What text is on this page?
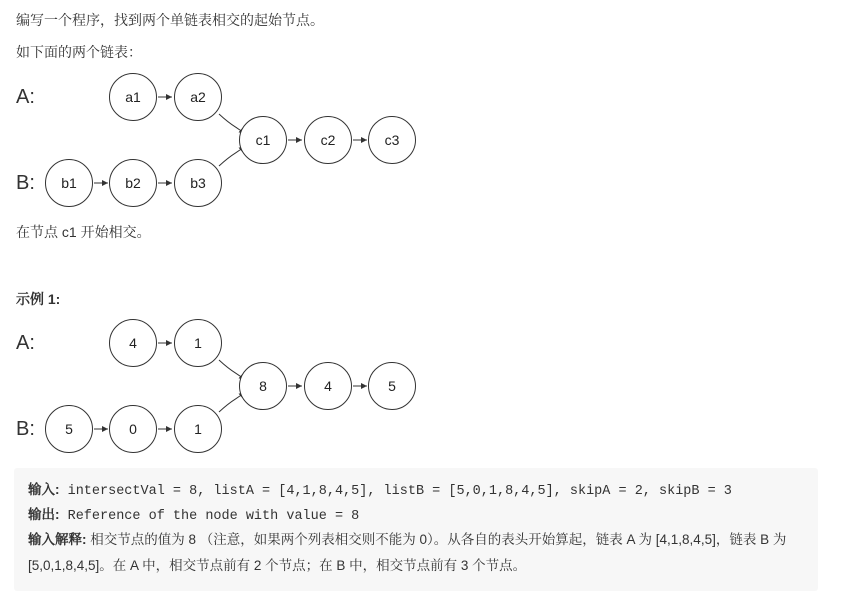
编写一个程序，找到两个单链表相交的起始节点。
如下面的两个链表：
A:
B:
a1	a2
b1	b2	b3
c1	c2	c3
在节点 c1 开始相交。
示例 1:
A:
B:
4	1
5	0	1
8	4	5
输入: intersectVal = 8, listA = [4,1,8,4,5], listB = [5,0,1,8,4,5], skipA = 2, skipB = 3
输出: Reference of the node with value = 8
输入解释: 相交节点的值为 8 （注意，如果两个列表相交则不能为 0）。从各自的表头开始算起，链表 A 为 [4,1,8,4,5]，链表 B 为 [5,0,1,8,4,5]。在 A 中，相交节点前有 2 个节点；在 B 中，相交节点前有 3 个节点。
